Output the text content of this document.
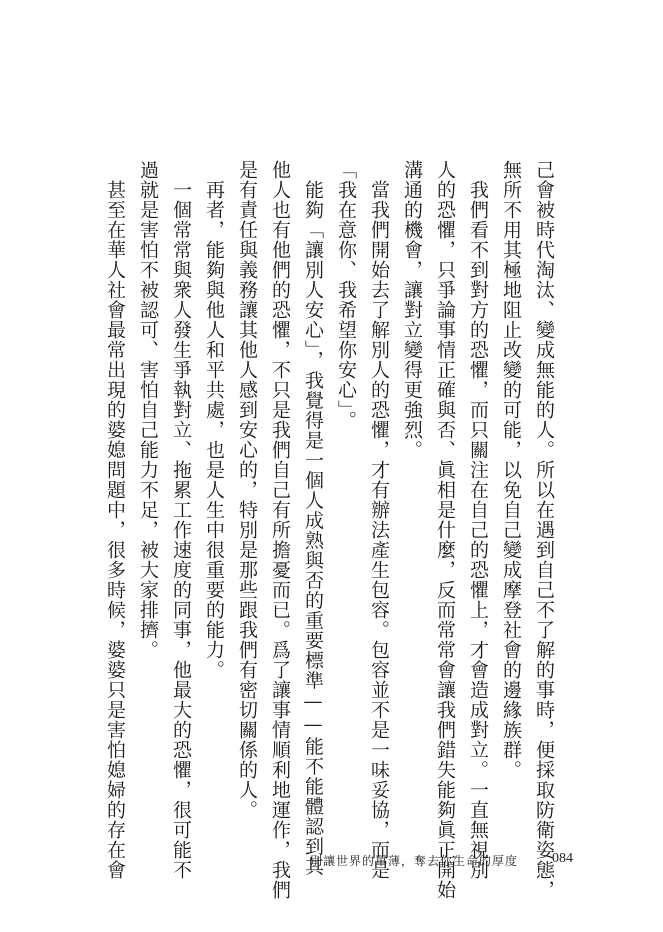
己會被時代淘汰、變成無能的人。所以在遇到自己不了解的事時，便採取防衛姿態，

無所不用其極地阻止改變的可能，以免自己變成摩登社會的邊緣族群。

　我們看不到對方的恐懼，而只關注在自己的恐懼上，才會造成對立。一直無視別

人的恐懼，只爭論事情正確與否、眞相是什麼，反而常常會讓我們錯失能夠眞正開始

溝通的機會，讓對立變得更強烈。

　當我們開始去了解別人的恐懼，才有辦法產生包容。包容並不是一味妥協，而是

「我在意你、我希望你安心」。

　能夠「讓別人安心」，我覺得是一個人成熟與否的重要標準——能不能體認到其

他人也有他們的恐懼，不只是我們自己有所擔憂而已。爲了讓事情順利地運作，我們

是有責任與義務讓其他人感到安心的，特別是那些跟我們有密切關係的人。

　再者，能夠與他人和平共處，也是人生中很重要的能力。

　一個常常與衆人發生爭執對立、拖累工作速度的同事，他最大的恐懼，很可能不

過就是害怕不被認可、害怕自己能力不足，被大家排擠。

　甚至在華人社會最常出現的婆媳問題中，很多時候，婆婆只是害怕媳婦的存在會	別讓世界的單薄，奪去你生命的厚度 084
